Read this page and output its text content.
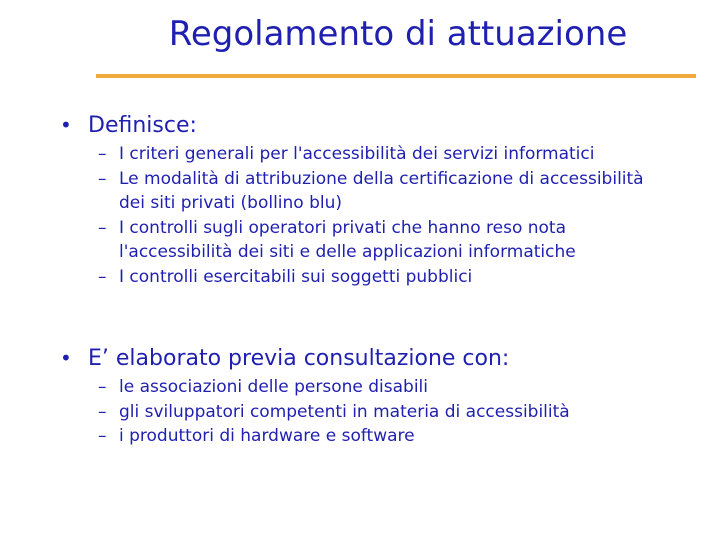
Regolamento di attuazione
• Definisce:
– I criteri generali per l'accessibilità dei servizi informatici
– Le modalità di attribuzione della certificazione di accessibilità dei siti privati (bollino blu)
– I controlli sugli operatori privati che hanno reso nota l'accessibilità dei siti e delle applicazioni informatiche
– I controlli esercitabili sui soggetti pubblici
• E’ elaborato previa consultazione con:
– le associazioni delle persone disabili
– gli sviluppatori competenti in materia di accessibilità
– i produttori di hardware e software
